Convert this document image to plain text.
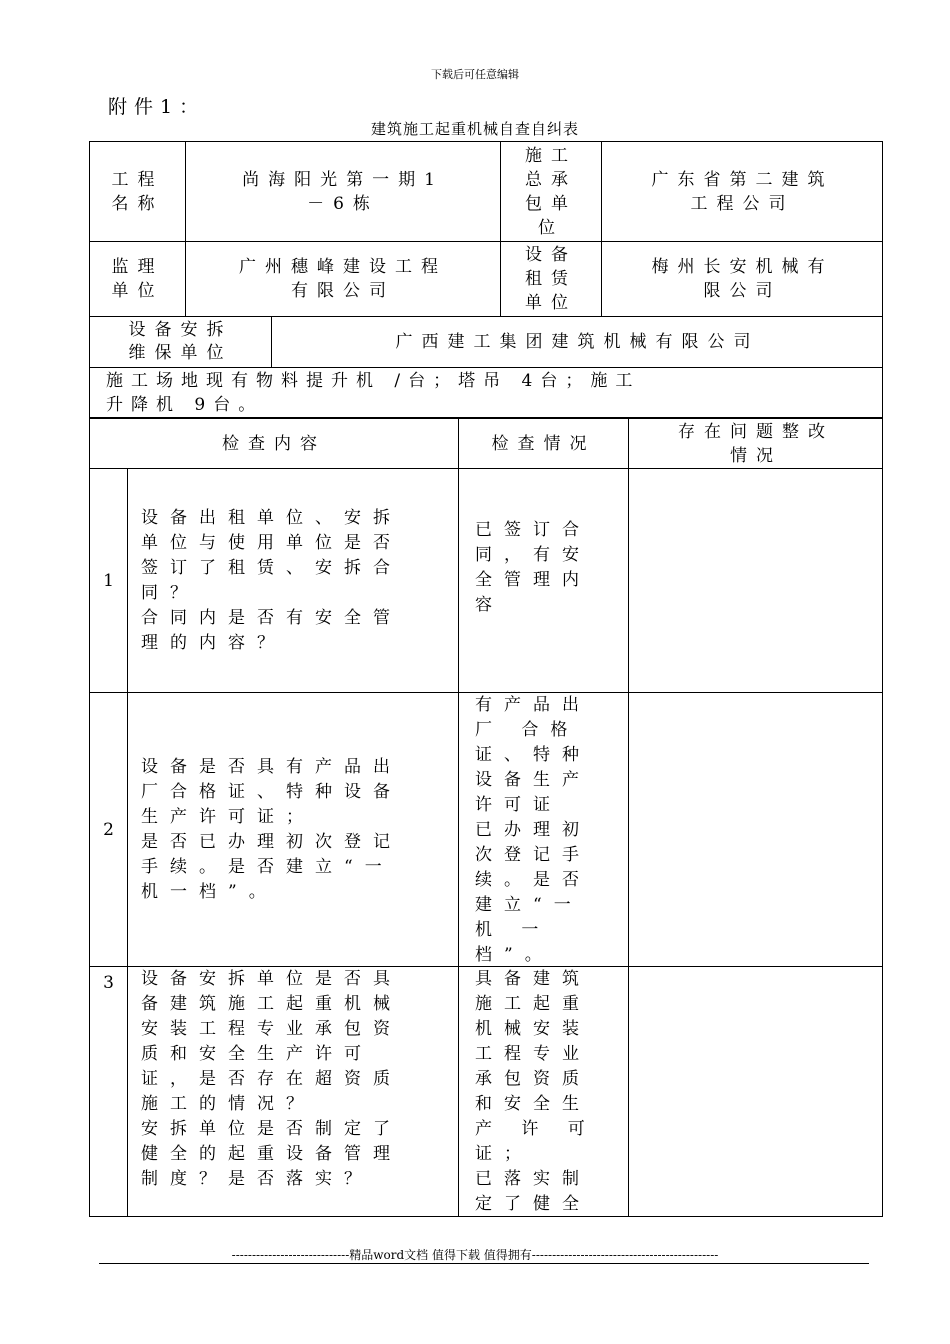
下载后可任意编辑
附件1：
建筑施工起重机械自查自纠表
工程
名称
尚海阳光第一期1
－6栋
施工
总承
包单
位
广东省第二建筑
工程公司
监理
单位
广州穗峰建设工程
有限公司
设备
租赁
单位
梅州长安机械有
限公司
设备安拆
维保单位
广西建工集团建筑机械有限公司
施工场地现有物料提升机 /台；塔吊 4台；施工
升降机 9台。
检查内容	检查情况
存在问题整改
情况
1
设备出租单位、安拆
单位与使用单位是否
签订了租赁、安拆合
同？
合同内是否有安全管
理的内容？
已签订合
同，有安
全管理内
容
2
设备是否具有产品出
厂合格证、特种设备
生产许可证；
是否已办理初次登记
手续。是否建立“一
机一档”。
有产品出
厂 合格
证、特种
设备生产
许可证
已办理初
次登记手
续。是否
建立“一
机 一
档”。
3 设备安拆单位是否具
备建筑施工起重机械
安装工程专业承包资
质和安全生产许可
证，是否存在超资质
施工的情况？
安拆单位是否制定了
健全的起重设备管理
制度？是否落实？
具备建筑
施工起重
机械安装
工程专业
承包资质
和安全生
产 许 可
证；
已落实制
定了健全
-----------------------------精品word文档 值得下载 值得拥有----------------------------------------------
